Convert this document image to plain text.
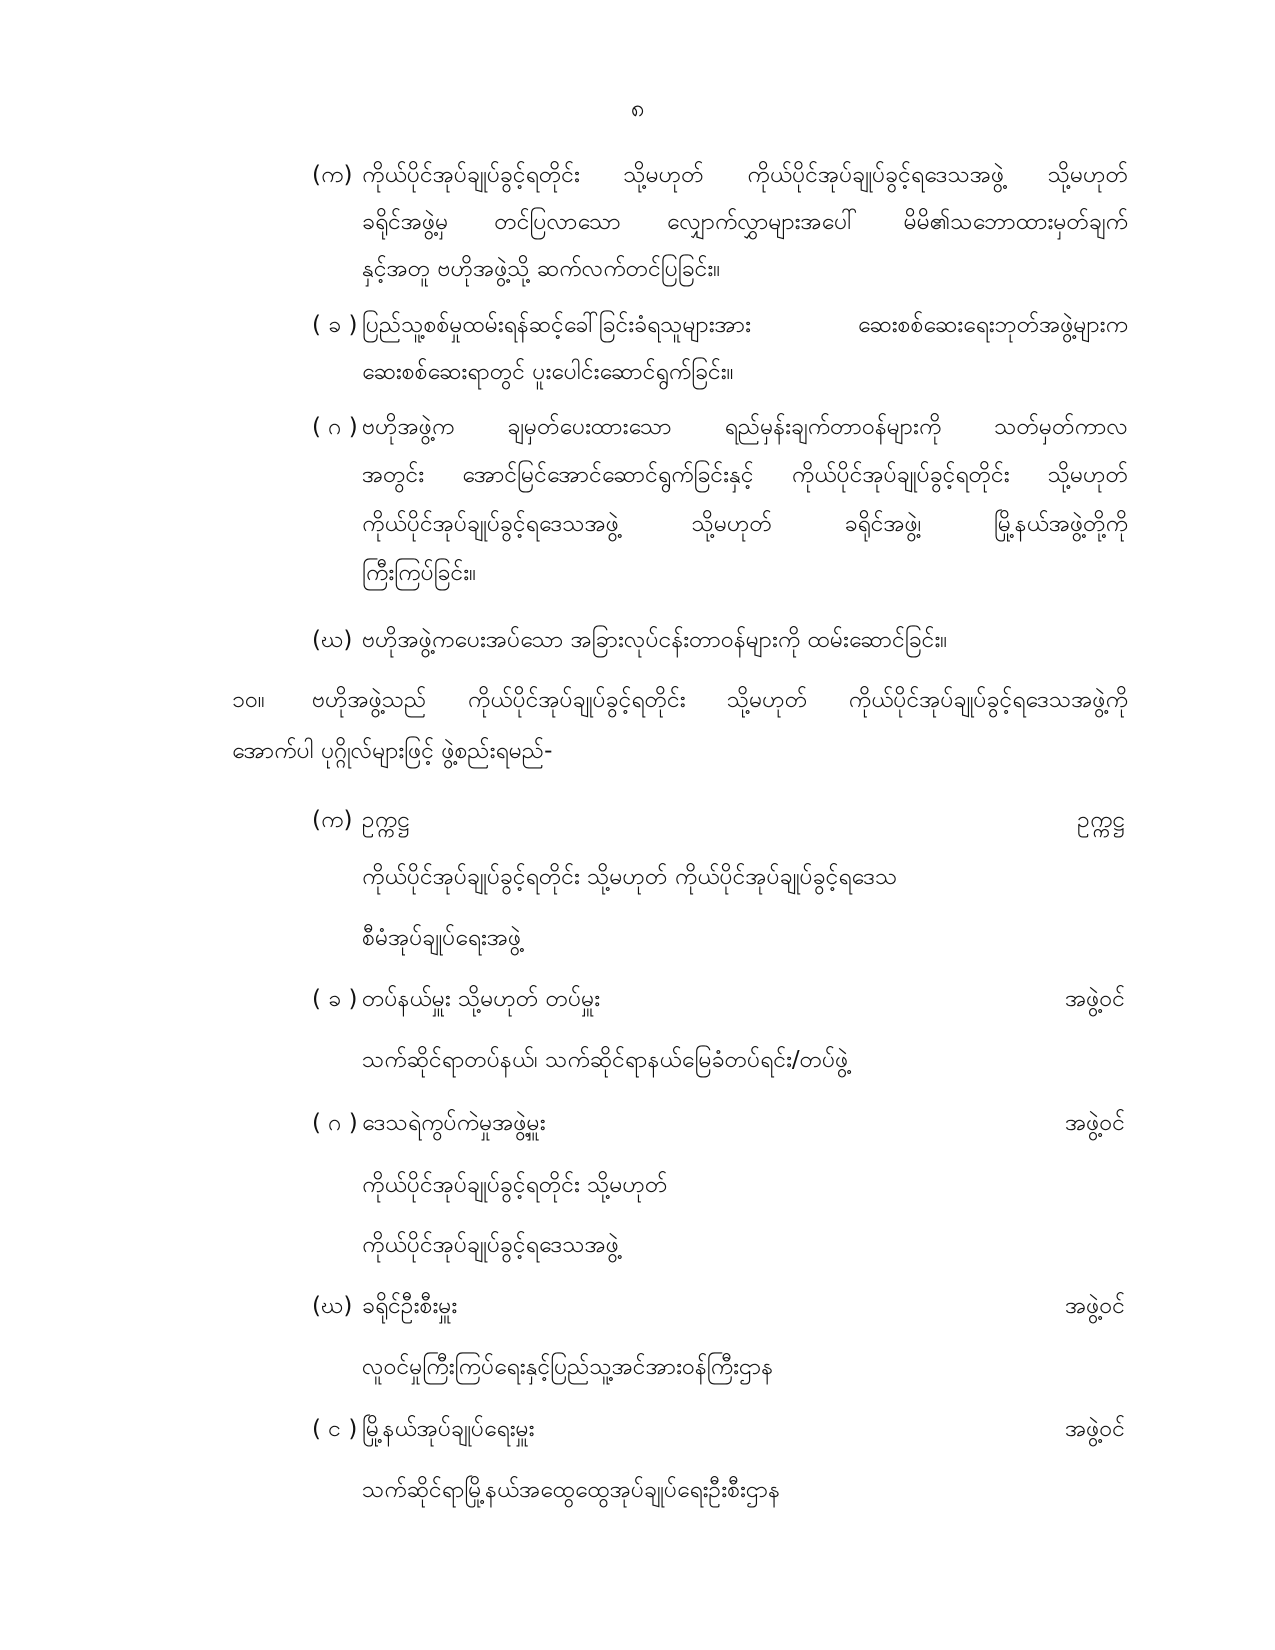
၈
(က) ကိုယ်ပိုင်အုပ်ချုပ်ခွင့်ရတိုင်း သို့မဟုတ် ကိုယ်ပိုင်အုပ်ချုပ်ခွင့်ရဒေသအဖွဲ့ သို့မဟုတ်
ခရိုင်အဖွဲ့မှ တင်ပြလာသော လျှောက်လွှာများအပေါ် မိမိ၏သဘောထားမှတ်ချက်
နှင့်အတူ ဗဟိုအဖွဲ့သို့ ဆက်လက်တင်ပြခြင်း။
( ခ ) ပြည်သူ့စစ်မှုထမ်းရန်ဆင့်ခေါ်ခြင်းခံရသူများအား ဆေးစစ်ဆေးရေးဘုတ်အဖွဲ့များက
ဆေးစစ်ဆေးရာတွင် ပူးပေါင်းဆောင်ရွက်ခြင်း။
( ဂ ) ဗဟိုအဖွဲ့က ချမှတ်ပေးထားသော ရည်မှန်းချက်တာဝန်များကို သတ်မှတ်ကာလ
အတွင်း အောင်မြင်အောင်ဆောင်ရွက်ခြင်းနှင့် ကိုယ်ပိုင်အုပ်ချုပ်ခွင့်ရတိုင်း သို့မဟုတ်
ကိုယ်ပိုင်အုပ်ချုပ်ခွင့်ရဒေသအဖွဲ့ သို့မဟုတ် ခရိုင်အဖွဲ့၊ မြို့နယ်အဖွဲ့တို့ကို
ကြီးကြပ်ခြင်း။
(ဃ) ဗဟိုအဖွဲ့ကပေးအပ်သော အခြားလုပ်ငန်းတာဝန်များကို ထမ်းဆောင်ခြင်း။
၁၀။ ဗဟိုအဖွဲ့သည် ကိုယ်ပိုင်အုပ်ချုပ်ခွင့်ရတိုင်း သို့မဟုတ် ကိုယ်ပိုင်အုပ်ချုပ်ခွင့်ရဒေသအဖွဲ့ကို
အောက်ပါ ပုဂ္ဂိုလ်များဖြင့် ဖွဲ့စည်းရမည်-
(က) ဥက္ကဋ္ဌ	ဥက္ကဋ္ဌ
ကိုယ်ပိုင်အုပ်ချုပ်ခွင့်ရတိုင်း သို့မဟုတ် ကိုယ်ပိုင်အုပ်ချုပ်ခွင့်ရဒေသ
စီမံအုပ်ချုပ်ရေးအဖွဲ့
( ခ ) တပ်နယ်မှူး သို့မဟုတ် တပ်မှူး	အဖွဲ့ဝင်
သက်ဆိုင်ရာတပ်နယ်၊ သက်ဆိုင်ရာနယ်မြေခံတပ်ရင်း/တပ်ဖွဲ့
( ဂ ) ဒေသရဲကွပ်ကဲမှုအဖွဲ့မှူး	အဖွဲ့ဝင်
ကိုယ်ပိုင်အုပ်ချုပ်ခွင့်ရတိုင်း သို့မဟုတ်
ကိုယ်ပိုင်အုပ်ချုပ်ခွင့်ရဒေသအဖွဲ့
(ဃ) ခရိုင်ဦးစီးမှူး	အဖွဲ့ဝင်
လူဝင်မှုကြီးကြပ်ရေးနှင့်ပြည်သူ့အင်အားဝန်ကြီးဌာန
( င ) မြို့နယ်အုပ်ချုပ်ရေးမှူး	အဖွဲ့ဝင်
သက်ဆိုင်ရာမြို့နယ်အထွေထွေအုပ်ချုပ်ရေးဦးစီးဌာန
